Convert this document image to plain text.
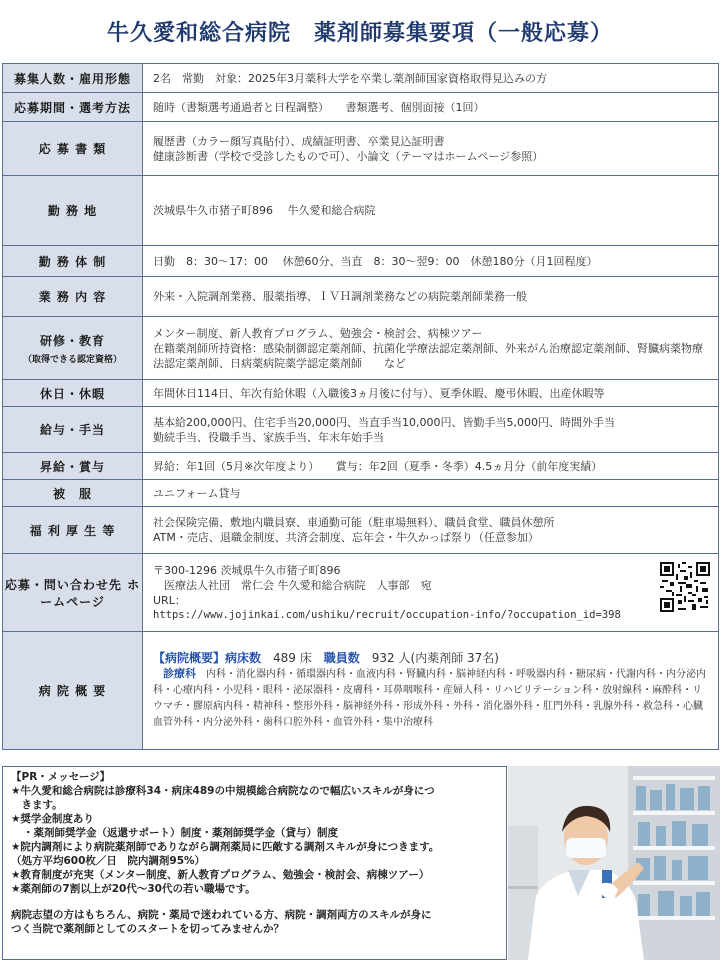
牛久愛和総合病院　薬剤師募集要項（一般応募）
募集人数・雇用形態	2名　常勤　対象：2025年3月薬科大学を卒業し薬剤師国家資格取得見込みの方

応募期間・選考方法	随時（書類選考通過者と日程調整）　　書類選考、個別面接（1回）

応 募 書 類	履歴書（カラー顔写真貼付）、成績証明書、卒業見込証明書
健康診断書（学校で受診したもので可）、小論文（テーマはホームページ参照）

勤 務 地	茨城県牛久市猪子町896　 牛久愛和総合病院

勤 務 体 制	日勤　8：30～17：00　 休憩60分、当直　8：30～翌9：00　休憩180分（月1回程度）

業 務 内 容	外来・入院調剤業務、服薬指導、ＩＶＨ調剤業務などの病院薬剤師業務一般

研修・教育
（取得できる認定資格）	メンター制度、新人教育プログラム、勉強会・検討会、病棟ツアー
在籍薬剤師所持資格：感染制御認定薬剤師、抗菌化学療法認定薬剤師、外来がん治療認定薬剤師、腎臓病薬物療法認定薬剤師、日病薬病院薬学認定薬剤師　　など

休日・休暇	年間休日114日、年次有給休暇（入職後3ヵ月後に付与）、夏季休暇、慶弔休暇、出産休暇等

給与・手当	基本給200,000円、住宅手当20,000円、当直手当10,000円、皆勤手当5,000円、時間外手当
勤続手当、役職手当、家族手当、年末年始手当

昇給・賞与	昇給：年1回（5月※次年度より）　　賞与：年2回（夏季・冬季）4.5ヵ月分（前年度実績）

被　服	ユニフォーム貸与

福 利 厚 生 等	社会保険完備、敷地内職員寮、車通勤可能（駐車場無料）、職員食堂、職員休憩所
ATM・売店、退職金制度、共済会制度、忘年会・牛久かっぱ祭り（任意参加）

応募・問い合わせ先 ホームページ	〒300-1296 茨城県牛久市猪子町896
　医療法人社団　常仁会 牛久愛和総合病院　人事部　宛
URL：
https://www.jojinkai.com/ushiku/recruit/occupation-info/?occupation_id=398

病 院 概 要	【病院概要】病床数　489 床　職員数　932 人(内薬剤師 37名)
　診療科　 内科・消化器内科・循環器内科・血液内科・腎臓内科・脳神経内科・呼吸器内科・糖尿病・代謝内科・内分泌内科・心療内科・小児科・眼科・泌尿器科・皮膚科・耳鼻咽喉科・産婦人科・リハビリテーション科・放射線科・麻酔科・リウマチ・膠原病内科・精神科・整形外科・脳神経外科・形成外科・外科・消化器外科・肛門外科・乳腺外科・救急科・心臓血管外科・内分泌外科・歯科口腔外科・血管外科・集中治療科
【PR・メッセージ】
★牛久愛和総合病院は診療科34・病床489の中規模総合病院なので幅広いスキルが身につ
　きます。
★奨学金制度あり
・薬剤師奨学金（返還サポート）制度・薬剤師奨学金（貸与）制度
★院内調剤により病院薬剤師でありながら調剤薬局に匹敵する調剤スキルが身につきます。
（処方平均600枚／日　院内調剤95%）
★教育制度が充実（メンター制度、新人教育プログラム、勉強会・検討会、病棟ツアー）
★薬剤師の7割以上が20代～30代の若い職場です。
病院志望の方はもちろん、病院・薬局で迷われている方、病院・調剤両方のスキルが身に
つく当院で薬剤師としてのスタートを切ってみませんか？
